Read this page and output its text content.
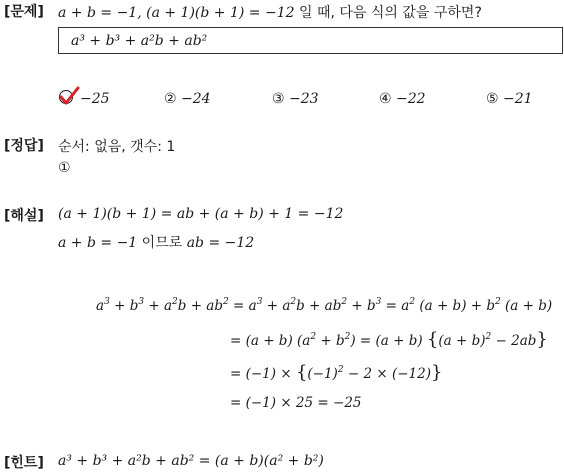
[문제]
[정답]
[해설]
[힌트]
a + b = −1, (a + 1)(b + 1) = −12 일 때, 다음 식의 값을 구하면?
a³ + b³ + a²b + ab²
−25	② −24	③ −23	④ −22	⑤ −21
순서: 없음, 갯수: 1
①
(a + 1)(b + 1) = ab + (a + b) + 1 = −12
a + b = −1 이므로 ab = −12
$a^3 + b^3 + a^2b + ab^2 = a^3 + a^2b + ab^2 + b^3 = a^2$ $(a + b) + b^2$ (a + b)
= (a + b) $(a^2 + b^2) = (a + b) \{(a + b)^2 - 2ab\}$
= $(-1) \times \{(-1)^2 - 2 \times (-12)\}$
= (−1) × 25 = −25
a³ + b³ + a²b + ab² = (a + b)(a² + b²)
